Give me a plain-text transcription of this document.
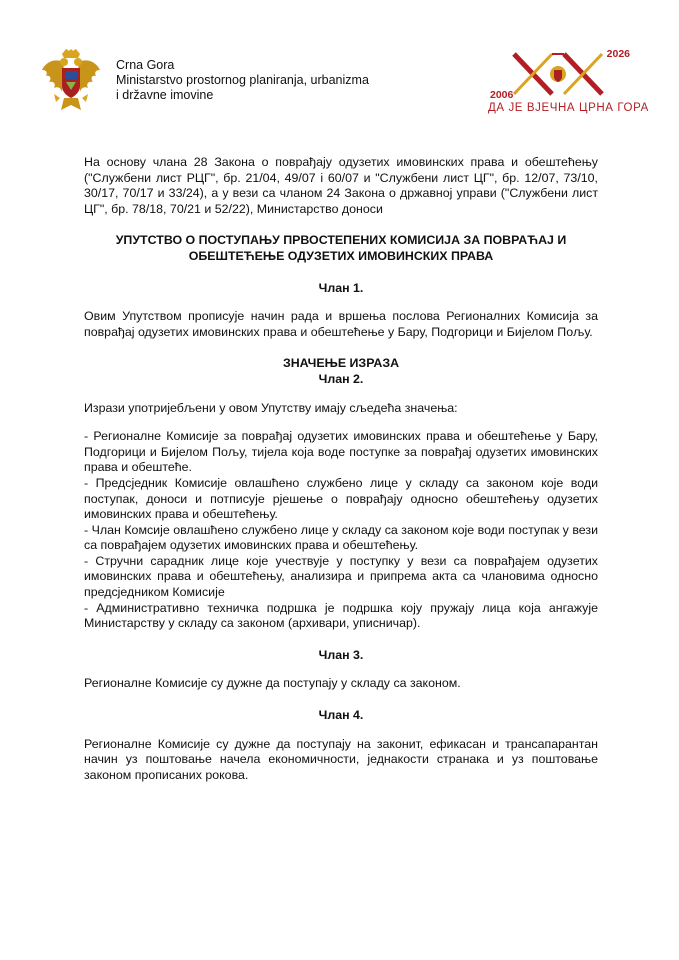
Crna Gora
Ministarstvo prostornog planiranja, urbanizma
i državne imovine
2026
2006
ДА ЈЕ ВЈЕЧНА ЦРНА ГОРА

На основу члана 28 Закона о поврађају одузетих имовинских права и обештећењу ("Службени лист РЦГ", бр. 21/04, 49/07 i 60/07 и "Службени лист ЦГ", бр. 12/07, 73/10, 30/17, 70/17 и 33/24), а у вези са чланом 24 Закона о државној управи ("Службени лист ЦГ", бр. 78/18, 70/21 и 52/22), Министарство доноси

УПУТСТВО О ПОСТУПАЊУ ПРВОСТЕПЕНИХ КОМИСИЈА ЗА ПОВРАЋАЈ И

ОБЕШТЕЋЕЊЕ ОДУЗЕТИХ ИМОВИНСКИХ ПРАВА

Члан 1.

Овим Упутством прописује начин рада и вршења послова Регионалних Комисија за поврађај одузетих имовинских права и обештећење у Бару, Подгорици и Бијелом Пољу.

ЗНАЧЕЊЕ ИЗРАЗА

Члан 2.

Изрази употријебљени у овом Упутству имају сљедећа значења:

- Регионалне Комисије за поврађај одузетих имовинских права и обештећење у Бару, Подгорици и Бијелом Пољу, тијела која воде поступке за поврађај одузетих имовинских права и обештеће.

- Предсједник Комисије овлашћено службено лице у складу са законом које води поступак, доноси и потписује рјешење о поврађају односно обештећењу одузетих имовинских права и обештећењу.

- Члан Комсије овлашћено службено лице у складу са законом које води поступак у вези са поврађајем одузетих имовинских права и обештећењу.

- Стручни сарадник лице које учествује у поступку у вези са поврађајем одузетих имовинских права и обештећењу, анализира и припрема акта са члановима односно предсједником Комисије

- Административно техничка подршка је подршка коју пружају лица која ангажује Министарству у складу са законом (архивари, уписничар).

Члан 3.

Регионалне Комисије су дужне да поступају у складу са законом.

Члан 4.

Регионалне Комисије су дужне да поступају на законит, ефикасан и трансапарантан начин уз поштовање начела економичности, једнакости странака и уз поштовање законом прописаних рокова.
